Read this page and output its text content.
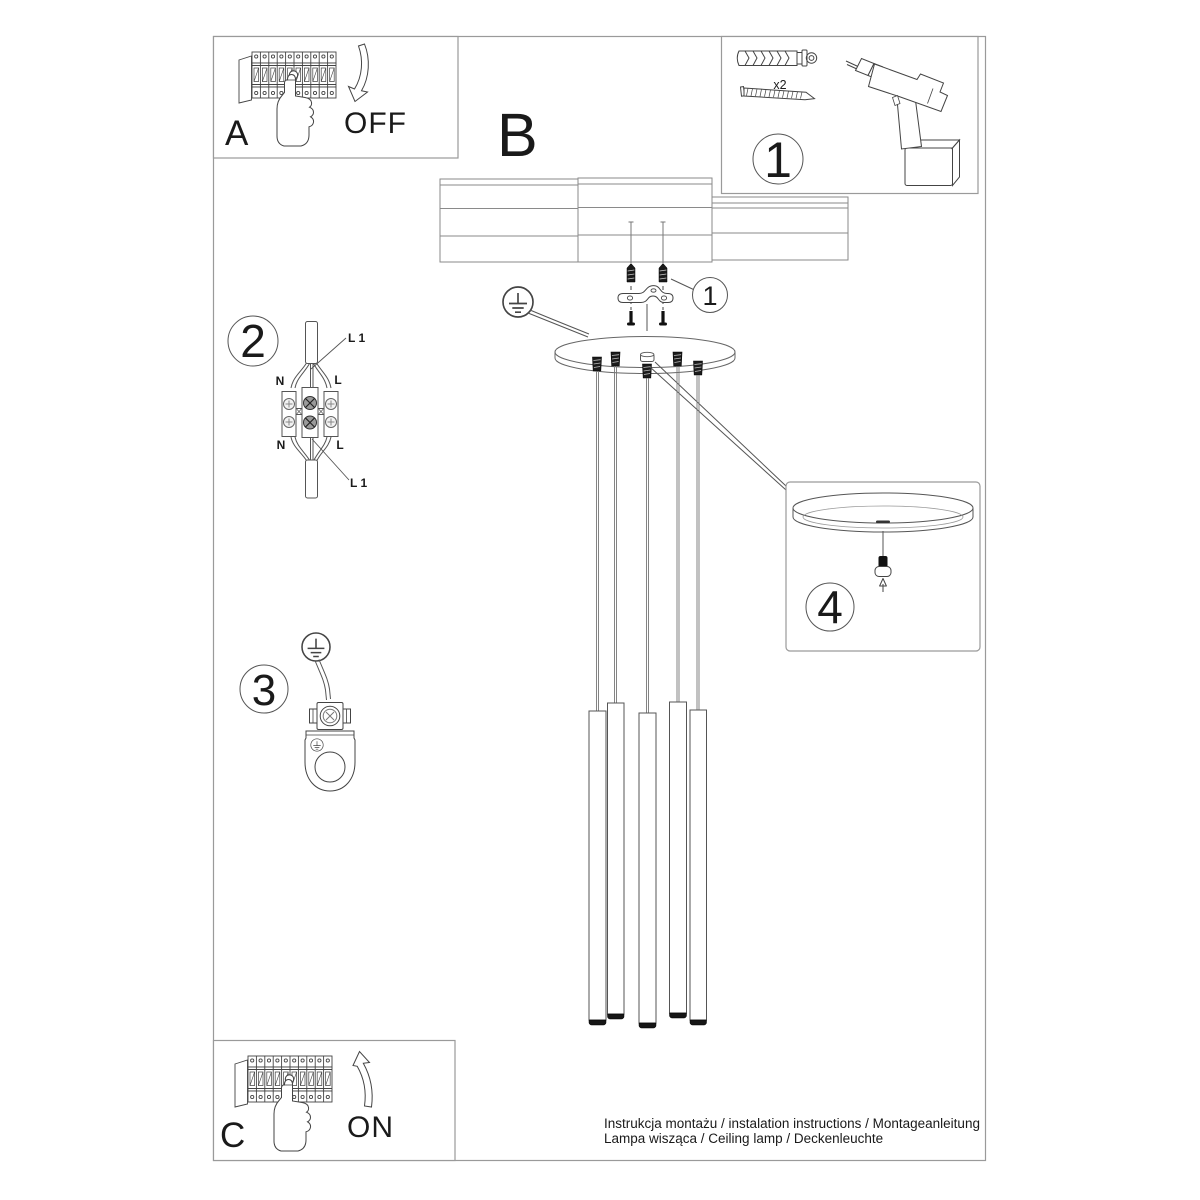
A	OFF B	1
x2
1
4
2
N	L
N	L
L 1
L 1
3
C	ON	Instrukcja montażu / instalation instructions / Montageanleitung
Lampa wisząca / Ceiling lamp / Deckenleuchte
